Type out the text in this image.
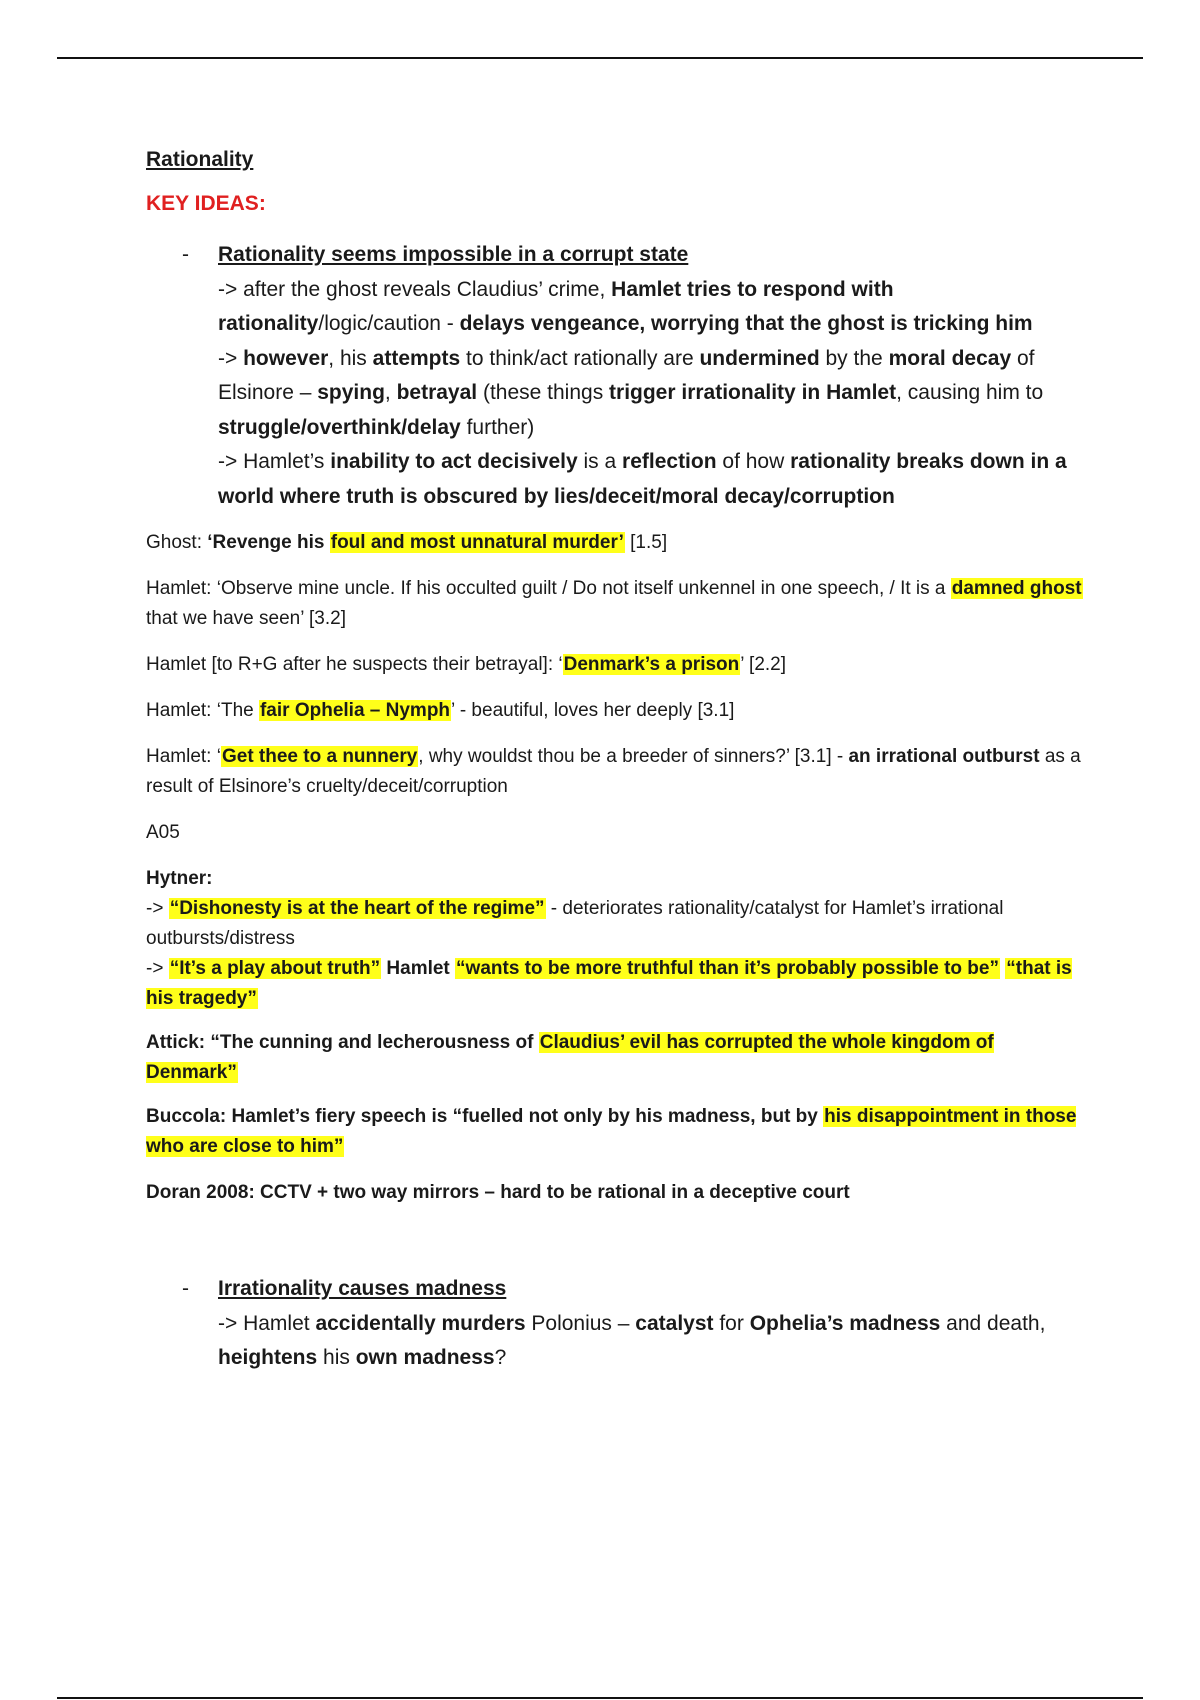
Rationality

KEY IDEAS:

- Rationality seems impossible in a corrupt state
-> after the ghost reveals Claudius’ crime, Hamlet tries to respond with rationality/logic/caution - delays vengeance, worrying that the ghost is tricking him
-> however, his attempts to think/act rationally are undermined by the moral decay of Elsinore – spying, betrayal (these things trigger irrationality in Hamlet, causing him to struggle/overthink/delay further)
-> Hamlet’s inability to act decisively is a reflection of how rationality breaks down in a world where truth is obscured by lies/deceit/moral decay/corruption

Ghost: ‘Revenge his foul and most unnatural murder’ [1.5]

Hamlet: ‘Observe mine uncle. If his occulted guilt / Do not itself unkennel in one speech, / It is a damned ghost that we have seen’ [3.2]

Hamlet [to R+G after he suspects their betrayal]: ‘Denmark’s a prison’ [2.2]

Hamlet: ‘The fair Ophelia – Nymph’ - beautiful, loves her deeply [3.1]

Hamlet: ‘Get thee to a nunnery, why wouldst thou be a breeder of sinners?’ [3.1] - an irrational outburst as a result of Elsinore’s cruelty/deceit/corruption

A05

Hytner:
-> “Dishonesty is at the heart of the regime” - deteriorates rationality/catalyst for Hamlet’s irrational outbursts/distress
-> “It’s a play about truth” Hamlet “wants to be more truthful than it’s probably possible to be” “that is his tragedy”

Attick: “The cunning and lecherousness of Claudius’ evil has corrupted the whole kingdom of Denmark”

Buccola: Hamlet’s fiery speech is “fuelled not only by his madness, but by his disappointment in those who are close to him”

Doran 2008: CCTV + two way mirrors – hard to be rational in a deceptive court

- Irrationality causes madness
-> Hamlet accidentally murders Polonius – catalyst for Ophelia’s madness and death, heightens his own madness?
